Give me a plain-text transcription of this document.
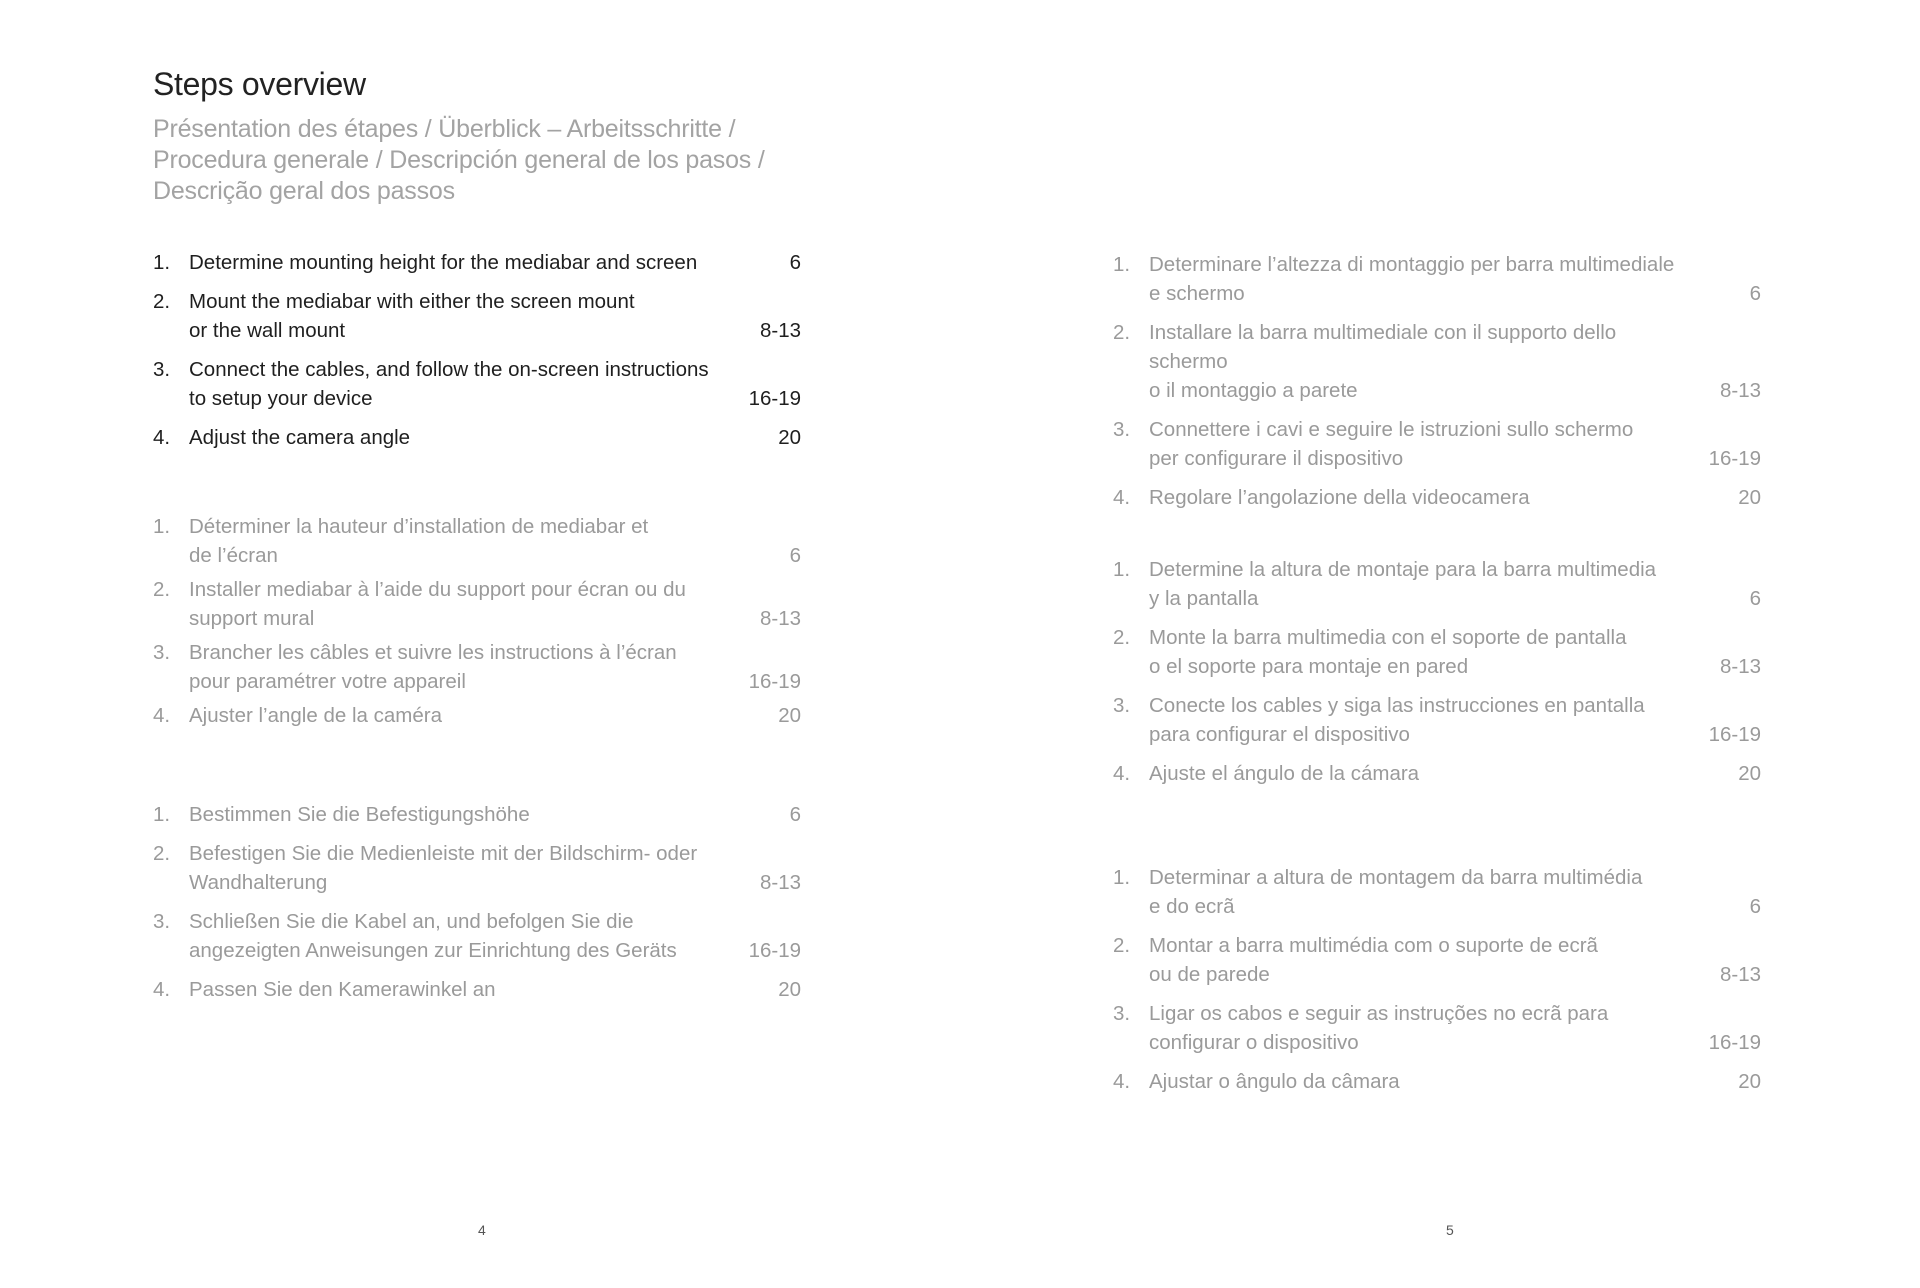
Steps overview

Présentation des étapes / Überblick – Arbeitsschritte /
Procedura generale / Descripción general de los pasos /
Descrição geral dos passos

1. Determine mounting height for the mediabar and screen	6
2. Mount the mediabar with either the screen mount
or the wall mount	8-13
3. Connect the cables, and follow the on-screen instructions
to setup your device	16-19
4. Adjust the camera angle	20
1. Déterminer la hauteur d’installation de mediabar et
de l’écran	6
2. Installer mediabar à l’aide du support pour écran ou du
support mural	8-13
3. Brancher les câbles et suivre les instructions à l’écran
pour paramétrer votre appareil	16-19
4. Ajuster l’angle de la caméra	20
1. Bestimmen Sie die Befestigungshöhe	6
2. Befestigen Sie die Medienleiste mit der Bildschirm- oder
Wandhalterung	8-13
3. Schließen Sie die Kabel an, und befolgen Sie die
angezeigten Anweisungen zur Einrichtung des Geräts	16-19
4. Passen Sie den Kamerawinkel an	20
4
1. Determinare l’altezza di montaggio per barra multimediale
e schermo	6
2. Installare la barra multimediale con il supporto dello schermo
o il montaggio a parete	8-13
3. Connettere i cavi e seguire le istruzioni sullo schermo
per configurare il dispositivo	16-19
4. Regolare l’angolazione della videocamera	20
1. Determine la altura de montaje para la barra multimedia
y la pantalla	6
2. Monte la barra multimedia con el soporte de pantalla
o el soporte para montaje en pared	8-13
3. Conecte los cables y siga las instrucciones en pantalla
para configurar el dispositivo	16-19
4. Ajuste el ángulo de la cámara	20
1. Determinar a altura de montagem da barra multimédia
e do ecrã	6
2. Montar a barra multimédia com o suporte de ecrã
ou de parede	8-13
3. Ligar os cabos e seguir as instruções no ecrã para
configurar o dispositivo	16-19
4. Ajustar o ângulo da câmara	20
5
